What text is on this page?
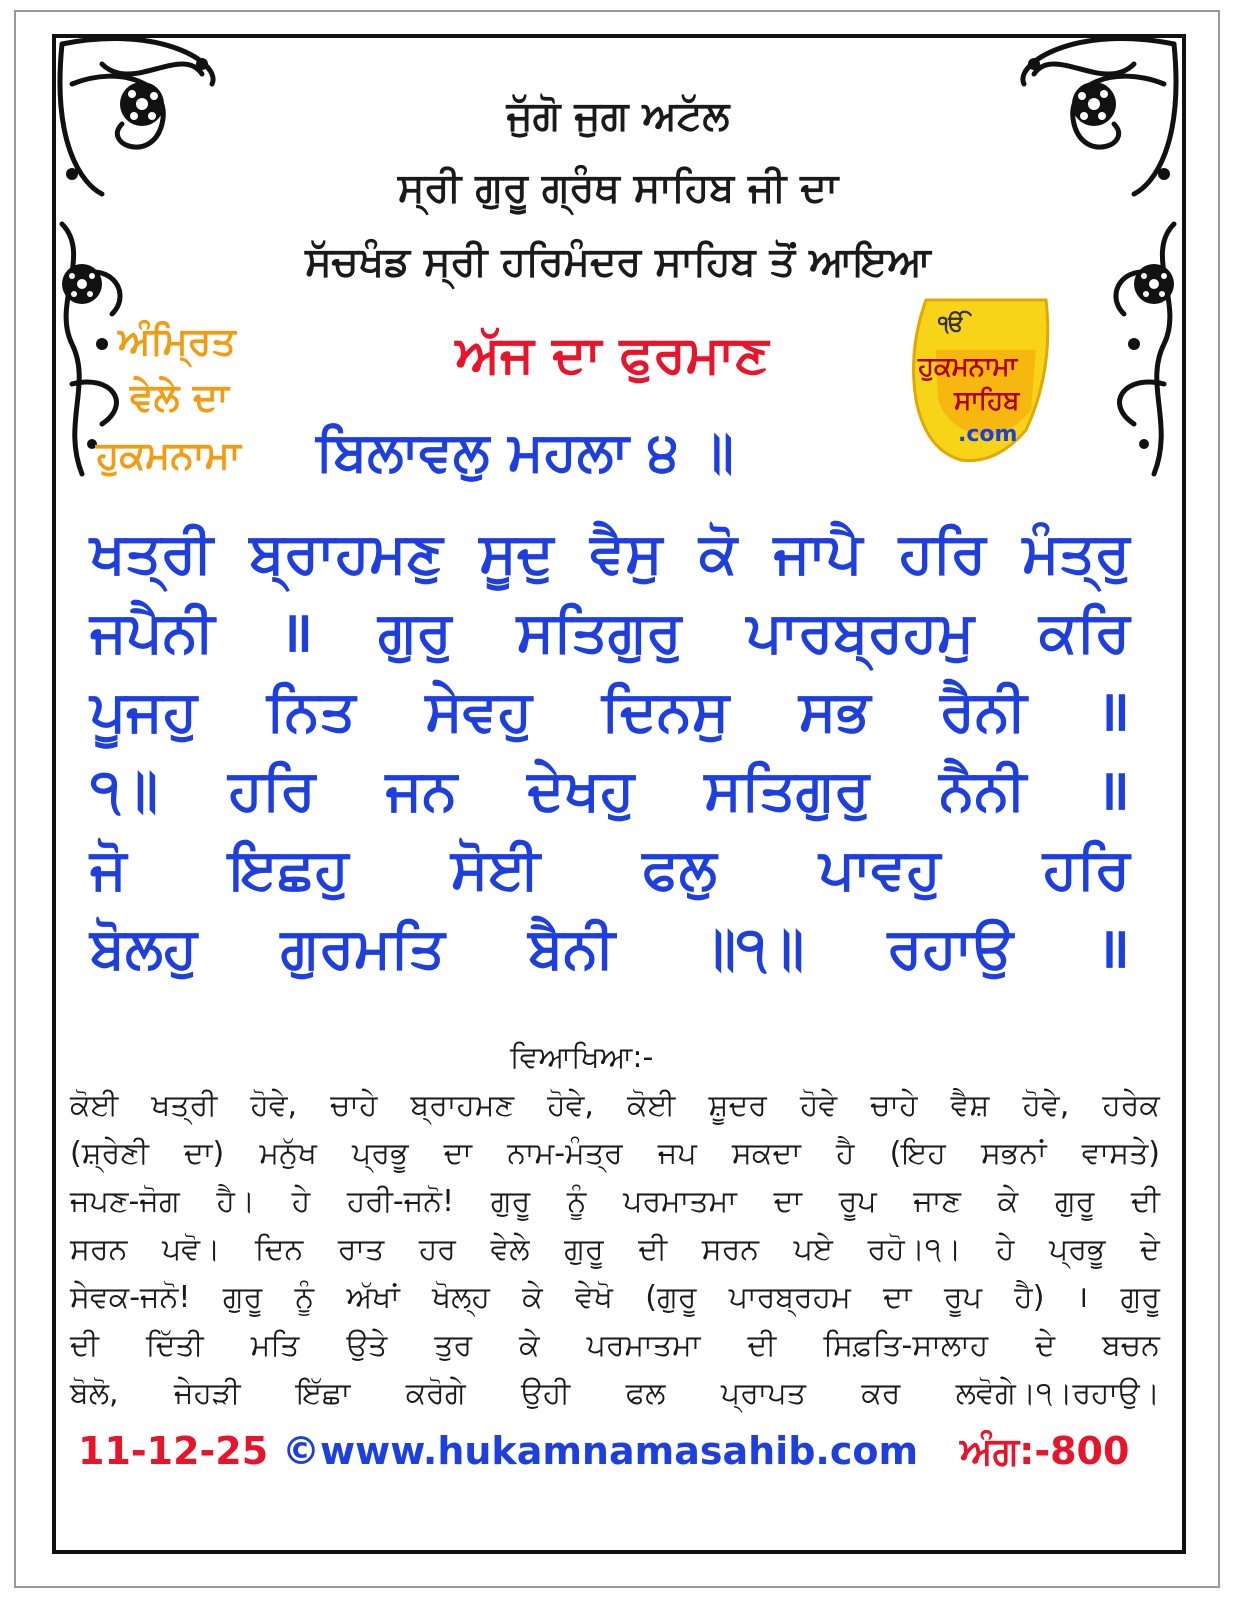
ਜੁੱਗੋ ਜੁਗ ਅਟੱਲ
ਸ੍ਰੀ ਗੁਰੂ ਗ੍ਰੰਥ ਸਾਹਿਬ ਜੀ ਦਾ
ਸੱਚਖੰਡ ਸ੍ਰੀ ਹਰਿਮੰਦਰ ਸਾਹਿਬ ਤੋਂ ਆਇਆ
ਅੰਮ੍ਰਿਤ
ਵੇਲੇ ਦਾ
ਹੁਕਮਨਾਮਾ
ਅੱਜ ਦਾ ਫੁਰਮਾਣ
ਬਿਲਾਵਲੁ ਮਹਲਾ ੪ ॥
ੴ
ਹੁਕਮਨਾਮਾ
ਸਾਹਿਬ
.com
ਖਤ੍ਰੀ ਬ੍ਰਾਹਮਣੁ ਸੂਦੁ ਵੈਸੁ ਕੋ ਜਾਪੈ ਹਰਿ ਮੰਤ੍ਰੁ
ਜਪੈਨੀ ॥ ਗੁਰੁ ਸਤਿਗੁਰੁ ਪਾਰਬ੍ਰਹਮੁ ਕਰਿ
ਪੂਜਹੁ ਨਿਤ ਸੇਵਹੁ ਦਿਨਸੁ ਸਭ ਰੈਨੀ ॥
੧॥ ਹਰਿ ਜਨ ਦੇਖਹੁ ਸਤਿਗੁਰੁ ਨੈਨੀ ॥
ਜੋ ਇਛਹੁ ਸੋਈ ਫਲੁ ਪਾਵਹੁ ਹਰਿ
ਬੋਲਹੁ ਗੁਰਮਤਿ ਬੈਨੀ ॥੧॥ ਰਹਾਉ ॥
ਵਿਆਖਿਆ:-
ਕੋਈ ਖਤ੍ਰੀ ਹੋਵੇ, ਚਾਹੇ ਬ੍ਰਾਹਮਣ ਹੋਵੇ, ਕੋਈ ਸ਼ੂਦਰ ਹੋਵੇ ਚਾਹੇ ਵੈਸ਼ ਹੋਵੇ, ਹਰੇਕ
(ਸ਼੍ਰੇਣੀ ਦਾ) ਮਨੁੱਖ ਪ੍ਰਭੂ ਦਾ ਨਾਮ-ਮੰਤ੍ਰ ਜਪ ਸਕਦਾ ਹੈ (ਇਹ ਸਭਨਾਂ ਵਾਸਤੇ)
ਜਪਣ-ਜੋਗ ਹੈ। ਹੇ ਹਰੀ-ਜਨੋ! ਗੁਰੂ ਨੂੰ ਪਰਮਾਤਮਾ ਦਾ ਰੂਪ ਜਾਣ ਕੇ ਗੁਰੂ ਦੀ
ਸਰਨ ਪਵੋ। ਦਿਨ ਰਾਤ ਹਰ ਵੇਲੇ ਗੁਰੂ ਦੀ ਸਰਨ ਪਏ ਰਹੋ।੧। ਹੇ ਪ੍ਰਭੂ ਦੇ
ਸੇਵਕ-ਜਨੋ! ਗੁਰੂ ਨੂੰ ਅੱਖਾਂ ਖੋਲ੍ਹ ਕੇ ਵੇਖੋ (ਗੁਰੂ ਪਾਰਬ੍ਰਹਮ ਦਾ ਰੂਪ ਹੈ) । ਗੁਰੂ
ਦੀ ਦਿੱਤੀ ਮਤਿ ਉਤੇ ਤੁਰ ਕੇ ਪਰਮਾਤਮਾ ਦੀ ਸਿਫ਼ਤਿ-ਸਾਲਾਹ ਦੇ ਬਚਨ
ਬੋਲੋ, ਜੇਹੜੀ ਇੱਛਾ ਕਰੋਗੇ ਉਹੀ ਫਲ ਪ੍ਰਾਪਤ ਕਰ ਲਵੋਗੇ।੧।ਰਹਾਉ।
11-12-25 ©www.hukamnamasahib.com ਅੰਗ:-800
